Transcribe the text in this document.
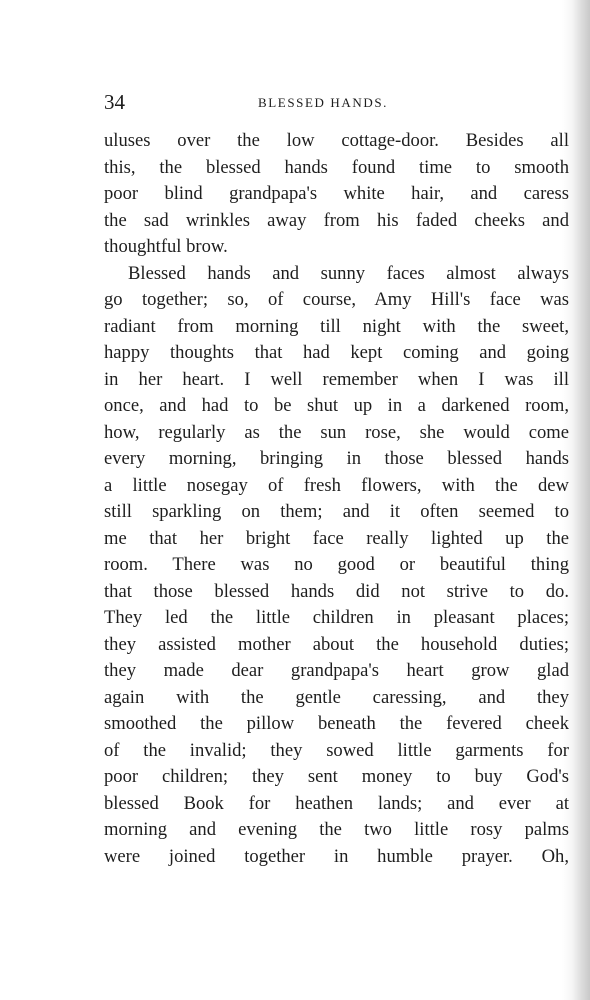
34	BLESSED HANDS.
uluses over the low cottage-door. Besides all
this, the blessed hands found time to smooth
poor blind grandpapa's white hair, and caress
the sad wrinkles away from his faded cheeks and
thoughtful brow.
Blessed hands and sunny faces almost always
go together; so, of course, Amy Hill's face was
radiant from morning till night with the sweet,
happy thoughts that had kept coming and going
in her heart. I well remember when I was ill
once, and had to be shut up in a darkened room,
how, regularly as the sun rose, she would come
every morning, bringing in those blessed hands
a little nosegay of fresh flowers, with the dew
still sparkling on them; and it often seemed to
me that her bright face really lighted up the
room. There was no good or beautiful thing
that those blessed hands did not strive to do.
They led the little children in pleasant places;
they assisted mother about the household duties;
they made dear grandpapa's heart grow glad
again with the gentle caressing, and they
smoothed the pillow beneath the fevered cheek
of the invalid; they sowed little garments for
poor children; they sent money to buy God's
blessed Book for heathen lands; and ever at
morning and evening the two little rosy palms
were joined together in humble prayer. Oh,
